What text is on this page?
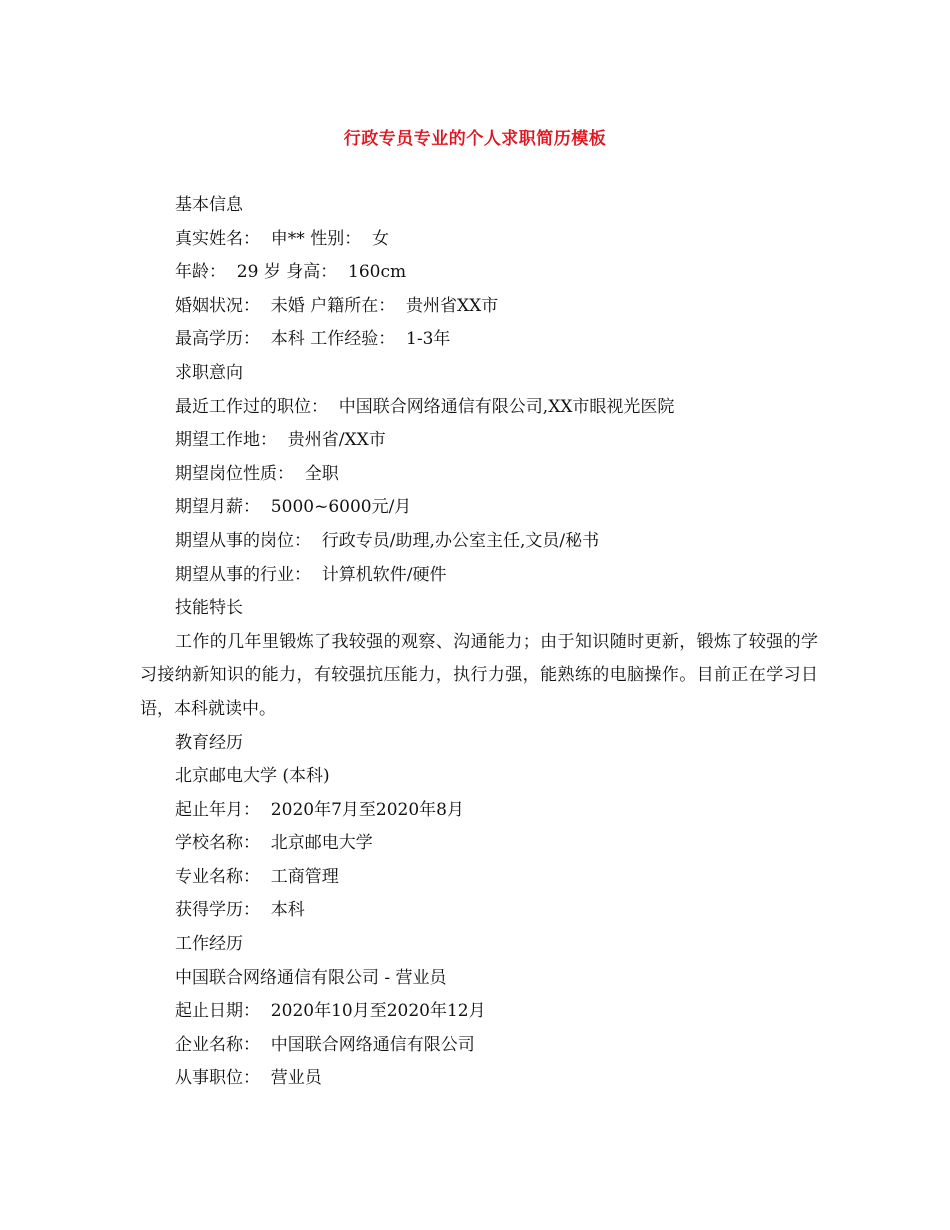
行政专员专业的个人求职简历模板
基本信息
真实姓名：  申** 性别：  女
年龄：  29 岁 身高：  160cm
婚姻状况：  未婚 户籍所在：  贵州省XX市
最高学历：  本科 工作经验：  1-3年
求职意向
最近工作过的职位：  中国联合网络通信有限公司,XX市眼视光医院
期望工作地：  贵州省/XX市
期望岗位性质：  全职
期望月薪：  5000~6000元/月
期望从事的岗位：  行政专员/助理,办公室主任,文员/秘书
期望从事的行业：  计算机软件/硬件
技能特长
工作的几年里锻炼了我较强的观察、沟通能力；由于知识随时更新，锻炼了较强的学习接纳新知识的能力，有较强抗压能力，执行力强，能熟练的电脑操作。目前正在学习日语，本科就读中。
教育经历
北京邮电大学 (本科)
起止年月：  2020年7月至2020年8月
学校名称：  北京邮电大学
专业名称：  工商管理
获得学历：  本科
工作经历
中国联合网络通信有限公司 - 营业员
起止日期：  2020年10月至2020年12月
企业名称：  中国联合网络通信有限公司
从事职位：  营业员
